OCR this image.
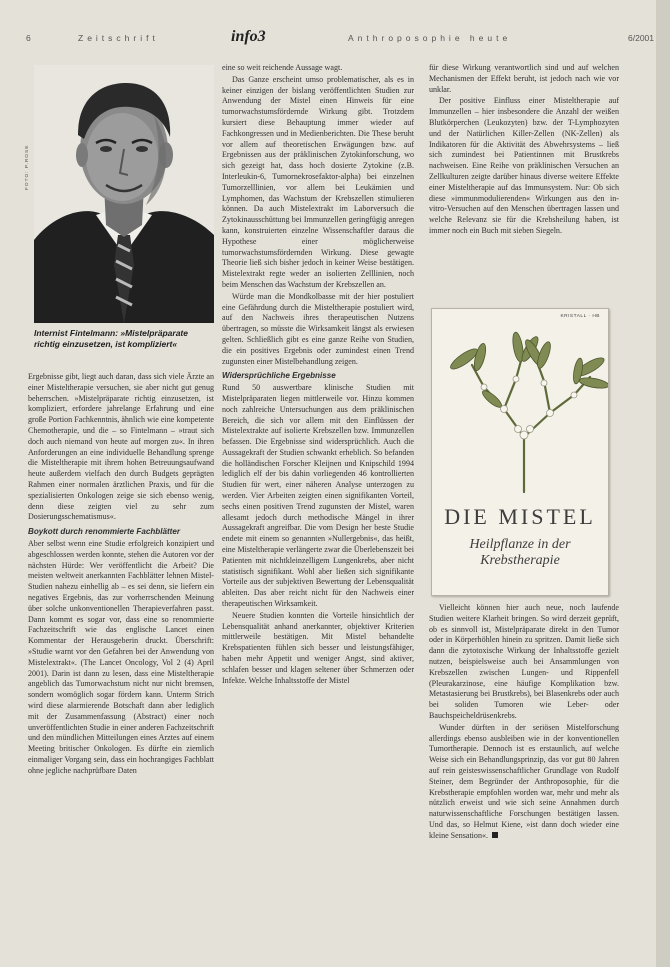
6	Zeitschrift	info3	Anthroposophie heute	6/2001
FOTO: P.ROSE
Internist Fintelmann: »Mistelpräparate richtig einzusetzen, ist kompliziert«

Ergebnisse gibt, liegt auch daran, dass sich viele Ärzte an einer Misteltherapie versuchen, sie aber nicht gut genug beherrschen. »Mistelpräparate richtig einzusetzen, ist kompliziert, erfordere jahrelange Erfahrung und eine große Portion Fachkenntnis, ähnlich wie eine kompetente Chemotherapie, und die – so Fintelmann – »traut sich doch auch niemand von heute auf morgen zu«. In ihren Anforderungen an eine individuelle Behandlung sprenge die Misteltherapie mit ihrem hohen Betreuungsaufwand heute außerdem vielfach den durch Budgets geprägten Rahmen einer normalen ärztlichen Praxis, und für die spezialisierten Onkologen zeige sie sich ebenso wenig, denn diese zeigten viel zu sehr zum Dosierungsschematismus«.

Boykott durch renommierte Fachblätter

Aber selbst wenn eine Studie erfolgreich konzipiert und abgeschlossen werden konnte, stehen die Autoren vor der nächsten Hürde: Wer veröffentlicht die Arbeit? Die meisten weltweit anerkannten Fachblätter lehnen Mistel-Studien nahezu einhellig ab – es sei denn, sie liefern ein negatives Ergebnis, das zur vorherrschenden Meinung über solche unkonventionellen Therapieverfahren passt. Dann kommt es sogar vor, dass eine so renommierte Fachzeitschrift wie das englische Lancet einen Kommentar der Herausgeberin druckt. Überschrift: »Studie warnt vor den Gefahren bei der Anwendung von Mistelextrakt«. (The Lancet Oncology, Vol 2 (4) April 2001). Darin ist dann zu lesen, dass eine Misteltherapie angeblich das Tumorwachstum nicht nur nicht bremsen, sondern womöglich sogar fördern kann. Unterm Strich wird diese alarmierende Botschaft dann aber lediglich mit der Zusammenfassung (Abstract) einer noch unveröffentlichten Studie in einer anderen Fachzeitschrift und den mündlichen Mitteilungen eines Arztes auf einem Meeting britischer Onkologen. Es dürfte ein ziemlich einmaliger Vorgang sein, dass ein hochrangiges Fachblatt ohne jegliche nachprüfbare Daten

eine so weit reichende Aussage wagt.

Das Ganze erscheint umso problematischer, als es in keiner einzigen der bislang veröffentlichten Studien zur Anwendung der Mistel einen Hinweis für eine tumorwachstumsfördernde Wirkung gibt. Trotzdem kursiert diese Behauptung immer wieder auf Fachkongressen und in Medienberichten. Die These beruht vor allem auf theoretischen Erwägungen bzw. auf Ergebnissen aus der präklinischen Zytokinforschung, wo sich gezeigt hat, dass hoch dosierte Zytokine (z.B. Interleukin-6, Tumornekrosefaktor-alpha) bei einzelnen Tumorzelllinien, vor allem bei Leukämien und Lymphomen, das Wachstum der Krebszellen stimulieren können. Da auch Mistelextrakt im Laborversuch die Zytokinausschüttung bei Immunzellen geringfügig anregen kann, konstruierten einzelne Wissenschaftler daraus die Hypothese einer möglicherweise tumorwachstumsfördernden Wirkung. Diese gewagte Theorie ließ sich bisher jedoch in keiner Weise bestätigen. Mistelextrakt regte weder an isolierten Zelllinien, noch beim Menschen das Wachstum der Krebszellen an.

Würde man die Mondkolbasse mit der hier postuliert eine Gefährdung durch die Misteltherapie postuliert wird, auf den Nachweis ihres therapeutischen Nutzens übertragen, so müsste die Wirksamkeit längst als erwiesen gelten. Schließlich gibt es eine ganze Reihe von Studien, die ein positives Ergebnis oder zumindest einen Trend zugunsten einer Mistelbehandlung zeigen.

Widersprüchliche Ergebnisse

Rund 50 auswertbare klinische Studien mit Mistelpräparaten liegen mittlerweile vor. Hinzu kommen noch zahlreiche Untersuchungen aus dem präklinischen Bereich, die sich vor allem mit den Einflüssen der Mistelextrakte auf isolierte Krebszellen bzw. Immunzellen befassen. Die Ergebnisse sind widersprüchlich. Auch die Aussagekraft der Studien schwankt erheblich. So befanden die holländischen Forscher Kleijnen und Knipschild 1994 lediglich elf der bis dahin vorliegenden 46 kontrollierten Studien für wert, einer näheren Analyse unterzogen zu werden. Vier Arbeiten zeigten einen signifikanten Vorteil, sechs einen positiven Trend zugunsten der Mistel, waren allesamt jedoch durch methodische Mängel in ihrer Aussagekraft angreifbar. Die vom Design her beste Studie endete mit einem so genannten »Nullergebnis«, das heißt, eine Misteltherapie verlängerte zwar die Überlebenszeit bei Patienten mit nichtkleinzelligem Lungenkrebs, aber nicht statistisch signifikant. Wohl aber ließen sich signifikante Vorteile aus der subjektiven Bewertung der Lebensqualität ableiten. Das aber reicht nicht für den Nachweis einer therapeutischen Wirksamkeit.

Neuere Studien konnten die Vorteile hinsichtlich der Lebensqualität anhand anerkannter, objektiver Kriterien mittlerweile bestätigen. Mit Mistel behandelte Krebspatienten fühlen sich besser und leistungsfähiger, haben mehr Appetit und weniger Angst, sind aktiver, schlafen besser und klagen seltener über Schmerzen oder Infekte. Welche Inhaltsstoffe der Mistel

für diese Wirkung verantwortlich sind und auf welchen Mechanismen der Effekt beruht, ist jedoch nach wie vor unklar.

Der positive Einfluss einer Misteltherapie auf Immunzellen – hier insbesondere die Anzahl der weißen Blutkörperchen (Leukozyten) bzw. der T-Lymphozyten und der Natürlichen Killer-Zellen (NK-Zellen) als Indikatoren für die Aktivität des Abwehrsystems – ließ sich zumindest bei Patientinnen mit Brustkrebs nachweisen. Eine Reihe von präklinischen Versuchen an Zellkulturen zeigte darüber hinaus diverse weitere Effekte einer Misteltherapie auf das Immunsystem. Nur: Ob sich diese »immunmodulierenden« Wirkungen aus den in-vitro-Versuchen auf den Menschen übertragen lassen und welche Relevanz sie für die Krebsheilung haben, ist immer noch ein Buch mit sieben Siegeln.

KRISTALL · HB
DIE MISTEL
Heilpflanze in der Krebstherapie

Vielleicht können hier auch neue, noch laufende Studien weitere Klarheit bringen. So wird derzeit geprüft, ob es sinnvoll ist, Mistelpräparate direkt in den Tumor oder in Körperhöhlen hinein zu spritzen. Damit ließe sich dann die zytotoxische Wirkung der Inhaltsstoffe gezielt nutzen, beispielsweise auch bei Ansammlungen von Krebszellen zwischen Lungen- und Rippenfell (Pleurakarzinose, eine häufige Komplikation bzw. Metastasierung bei Brustkrebs), bei Blasenkrebs oder auch bei soliden Tumoren wie Leber- oder Bauchspeicheldrüsenkrebs.

Wunder dürften in der seriösen Mistelforschung allerdings ebenso ausbleiben wie in der konventionellen Tumortherapie. Dennoch ist es erstaunlich, auf welche Weise sich ein Behandlungsprinzip, das vor gut 80 Jahren auf rein geisteswissenschaftlicher Grundlage von Rudolf Steiner, dem Begründer der Anthroposophie, für die Krebstherapie empfohlen worden war, mehr und mehr als nützlich erweist und wie sich seine Annahmen durch naturwissenschaftliche Forschungen bestätigen lassen. Und das, so Helmut Kiene, »ist dann doch wieder eine kleine Sensation«.
